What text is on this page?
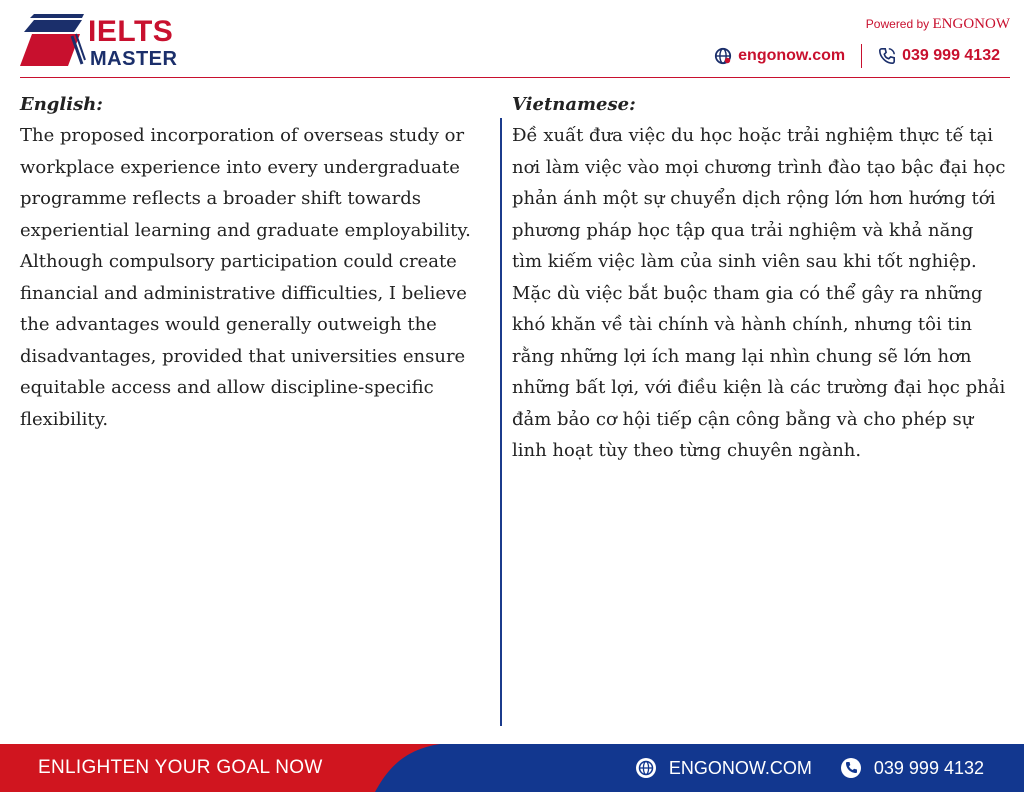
IELTS
MASTER
Powered by ENGONOW
engonow.com	039 999 4132
English:

The proposed incorporation of overseas study or workplace experience into every undergraduate programme reflects a broader shift towards experiential learning and graduate employability. Although compulsory participation could create financial and administrative difficulties, I believe the advantages would generally outweigh the disadvantages, provided that universities ensure equitable access and allow discipline-specific flexibility.

Vietnamese:

Đề xuất đưa việc du học hoặc trải nghiệm thực tế tại nơi làm việc vào mọi chương trình đào tạo bậc đại học phản ánh một sự chuyển dịch rộng lớn hơn hướng tới phương pháp học tập qua trải nghiệm và khả năng tìm kiếm việc làm của sinh viên sau khi tốt nghiệp. Mặc dù việc bắt buộc tham gia có thể gây ra những khó khăn về tài chính và hành chính, nhưng tôi tin rằng những lợi ích mang lại nhìn chung sẽ lớn hơn những bất lợi, với điều kiện là các trường đại học phải đảm bảo cơ hội tiếp cận công bằng và cho phép sự linh hoạt tùy theo từng chuyên ngành.

ENLIGHTEN YOUR GOAL NOW	ENGONOW.COM	039 999 4132
